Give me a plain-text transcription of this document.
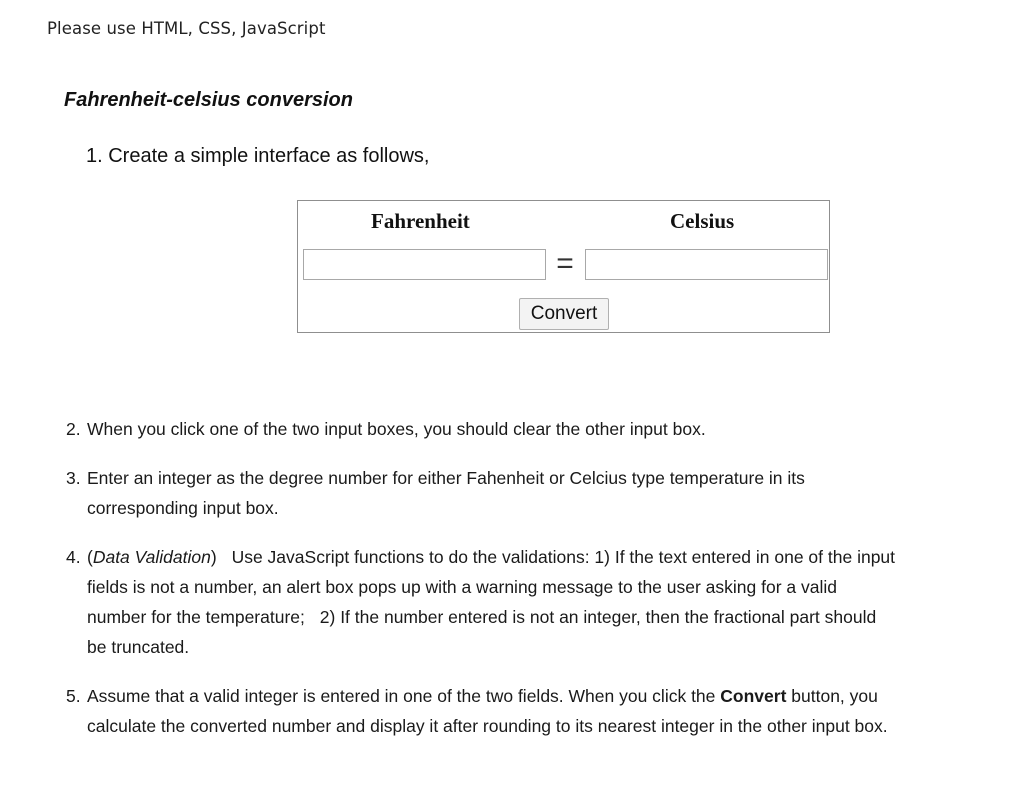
Please use HTML, CSS, JavaScript
Fahrenheit-celsius conversion
1. Create a simple interface as follows,
Fahrenheit	Celsius
=
Convert
2. When you click one of the two input boxes, you should clear the other input box.

3. Enter an integer as the degree number for either Fahenheit or Celcius type temperature in its corresponding input box.

4. (Data Validation) Use JavaScript functions to do the validations: 1) If the text entered in one of the input fields is not a number, an alert box pops up with a warning message to the user asking for a valid number for the temperature; 2) If the number entered is not an integer, then the fractional part should be truncated.

5. Assume that a valid integer is entered in one of the two fields. When you click the Convert button, you calculate the converted number and display it after rounding to its nearest integer in the other input box.
